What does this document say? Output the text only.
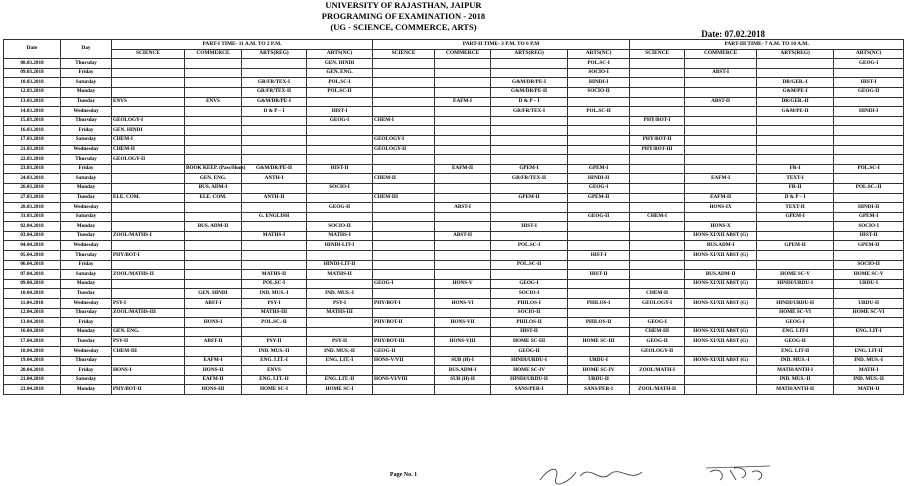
UNIVERSITY OF RAJASTHAN, JAIPUR
PROGRAMING OF EXAMINATION - 2018
(UG - SCIENCE, COMMERCE, ARTS)
Date: 07.02.2018
Date	Day	PART-I TIME- 11 A.M. TO 2 P.M.				PART-II TIME- 3 P.M. TO 6 P.M				PART-III TIME- 7 A.M. TO 10 A.M.			
		SCIENCE	COMMERCE	ARTS(REG)	ARTS(NC)	SCIENCE	COMMERCE	ARTS(REG)	ARTS(NC)	SCIENCE	COMMERCE	ARTS(REG)	ARTS(NC)
08.03.2018	Thursday				GEN. HINDI				POL.SC-I				GEOG-I
09.03.2018	Friday				GEN. ENG.				SOCIO-I		ABST-I		
10.03.2018	Saturday			GR/FR/TEX-I	POL.SC-I			G&M/DR/PE-I	HINDI-I			DR/GER.-I	HIST-I
12.03.2018	Monday			GR/FR/TEX-II	POL.SC-II			G&M/DR/PE-II	SOCIO-II			G&M/PE-I	GEOG-II
13.03.2018	Tuesday	ENVS	ENVS	G&M/DR/PE-I			EAFM-I	D & P – I			ABST-II	DR/GER.-II	
14.03.2018	Wednesday			D & P – I	HIST-I			GR/FR/TEX-I	POL.SC-II			G&M/PE-II	HINDI-I
15.03.2018	Thursday	GEOLOGY-I			GEOG-I	CHEM-I				PHY/BOT-I			
16.03.2018	Friday	GEN. HINDI											
17.03.2018	Saturday	CHEM-I				GEOLOGY-I				PHY/BOT-II			
21.03.2018	Wednesday	CHEM-II				GEOLOGY-II				PHY/BOT-III			
22.03.2018	Thursday	GEOLOGY-II											
23.03.2018	Friday		BOOK KEEP. (Pass/Hons)	G&M/DR/PE-II	HIST-II		EAFM-II	GPEM-I	GPEM-I			FR-I	POL.SC-I
24.03.2018	Saturday		GEN. ENG.	ANTH-I		CHEM-II		GR/FR/TEX-II	HINDI-II		EAFM-I	TEXT-I	
26.03.2018	Monday		BUS. ADM-I		SOCIO-I				GEOG-I			FR-II	POL.SC.-II
27.03.2018	Tuesday	ELE. COM.	ELE. COM.	ANTH-II		CHEM-III		GPEM-II	GPEM-II		EAFM-II	D & P – I	
28.03.2018	Wednesday				GEOG-II		ABST-I				HONS-IX	TEXT-II	HINDI-II
31.03.2018	Saturday			G. ENGLISH					GEOG-II	CHEM-I		GPEM-I	GPEM-I
02.04.2018	Monday		BUS. ADM-II		SOCIO-II			HIST-I			HONS-X		SOCIO-I
03.04.2018	Tuesday	ZOOL/MATHS-I		MATHS-I	MATHS-I		ABST-II				HONS-XI/XII ABST (G)		HIST-II
04.04.2018	Wednesday				HINDI-LIT-I			POL.SC-I			BUS.ADM-I	GPEM-II	GPEM-II
05.04.2018	Thursday	PHY/BOT-I							HIST-I		HONS-XI/XII ABST (G)		
06.04.2018	Friday				HINDI-LIT-II			POL.SC-II					SOCIO-II
07.04.2018	Saturday	ZOOL/MATHS-II		MATHS-II	MATHS-II				HIST-II		BUS.ADM-II	HOME SC-V	HOME SC-V
09.04.2018	Monday			POL.SC-I		GEOG-I	HONS-V	GEOG-I			HONS-XI/XII ABST (G)	HINDI/URDU-I	URDU-I
10.04.2018	Tuesday		GEN. HINDI	IND. MUS.-I	IND. MUS.-I			SOCIO-I		CHEM-II			
11.04.2018	Wednesday	PSY-I	ABST-I	PSY-I	PSY-I	PHY/BOT-I	HONS-VI	PHILOS-I	PHILOS-I	GEOLOGY-I	HONS-XI/XII ABST (G)	HINDI/URDU-II	URDU-II
12.04.2018	Thursday	ZOOL/MATHS-III		MATHS-III	MATHS-III			SOCIO-II				HOME SC-VI	HOME SC-VI
13.04.2018	Friday		HONS-I	POL.SC.-II		PHY/BOT-II	HONS-VII	PHILOS-II	PHILOS-II	GEOG-I		GEOG-I	
16.04.2018	Monday	GEN. ENG.						HIST-II		CHEM-III	HONS-XI/XII ABST (G)	ENG. LIT-I	ENG. LIT-I
17.04.2018	Tuesday	PSY-II	ABST-II	PSY-II	PSY-II	PHY/BOT-III	HONS-VIII	HOME SC-III	HOME SC-III	GEOG-II	HONS-XI/XII ABST (G)	GEOG-II	
18.04.2018	Wednesday	CHEM-III		IND. MUS.-II	IND. MUS.-II	GEOG-II		GEOG-II		GEOLOGY-II		ENG. LIT-II	ENG. LIT-II
19.04.2018	Thursday		EAFM-I	ENG. LIT.-I	ENG. LIT.-I	HONS-V/VII	SUB (H)-I	HINDI/URDU-I	URDU-I		HONS-XI/XII ABST (G)	IND. MUS.-I	IND. MUS.-I
20.04.2018	Friday	HONS-I	HONS-II	ENVS			BUS.ADM-I	HOME SC-IV	HOME SC-IV	ZOOL/MATH-I		MATH/ANTH-I	MATH-I
21.04.2018	Saturday		EAFM-II	ENG. LIT.-II	ENG. LIT.-II	HONS-VI/VIII	SUB (H)-II	HINDI/URDU-II	URDU-II			IND. MUS.-II	IND. MUS.-II
23.04.2018	Monday	PHY/BOT-II	HONS-III	HOME SC-I	HOME SC-I			SANS/PER-I	SANS/PER-I	ZOOL/MATH-II		MATH/ANTH-II	MATH-II
Page No. 1
